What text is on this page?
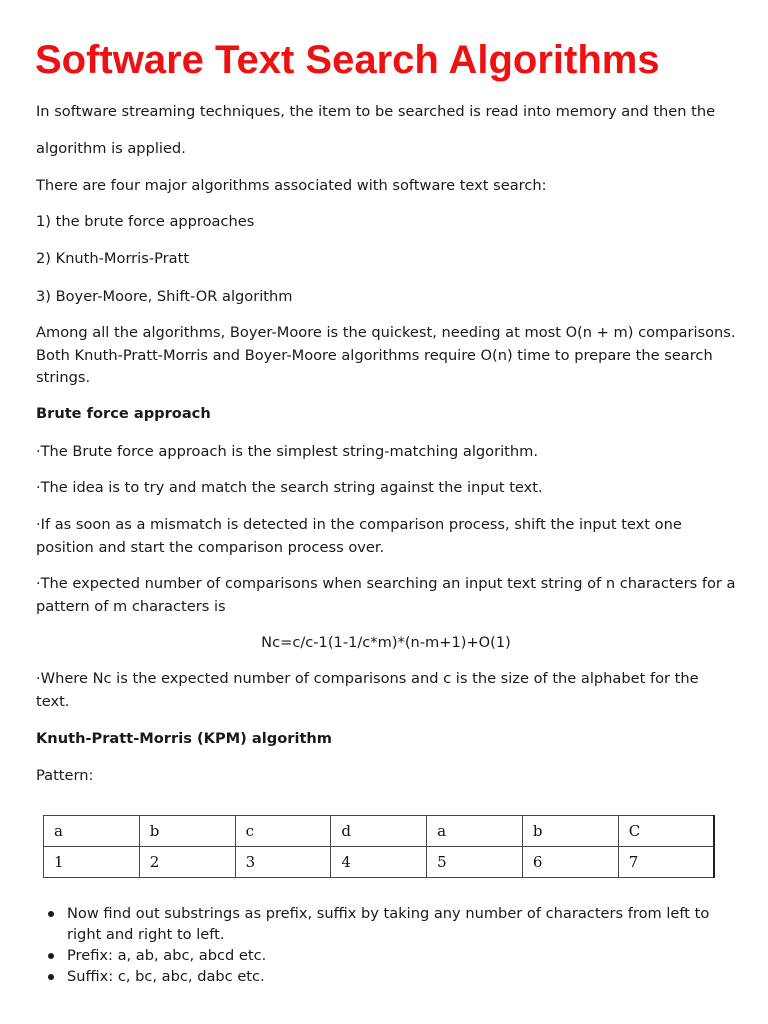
Software Text Search Algorithms

In software streaming techniques, the item to be searched is read into memory and then the

algorithm is applied.

There are four major algorithms associated with software text search:

1) the brute force approaches

2) Knuth-Morris-Pratt

3) Boyer-Moore, Shift-OR algorithm

Among all the algorithms, Boyer-Moore is the quickest, needing at most O(n + m) comparisons. Both Knuth-Pratt-Morris and Boyer-Moore algorithms require O(n) time to prepare the search strings.

Brute force approach

·The Brute force approach is the simplest string-matching algorithm.

·The idea is to try and match the search string against the input text.

·If as soon as a mismatch is detected in the comparison process, shift the input text one position and start the comparison process over.

·The expected number of comparisons when searching an input text string of n characters for a pattern of m characters is

Nc=c/c-1(1-1/c*m)*(n-m+1)+O(1)

·Where Nc is the expected number of comparisons and c is the size of the alphabet for the text.

Knuth-Pratt-Morris (KPM) algorithm

Pattern:

a	b	c	d	a	b	C
1	2	3	4	5	6	7
Now find out substrings as prefix, suffix by taking any number of characters from left to right and right to left.
Prefix: a, ab, abc, abcd etc.
Suffix: c, bc, abc, dabc etc.
